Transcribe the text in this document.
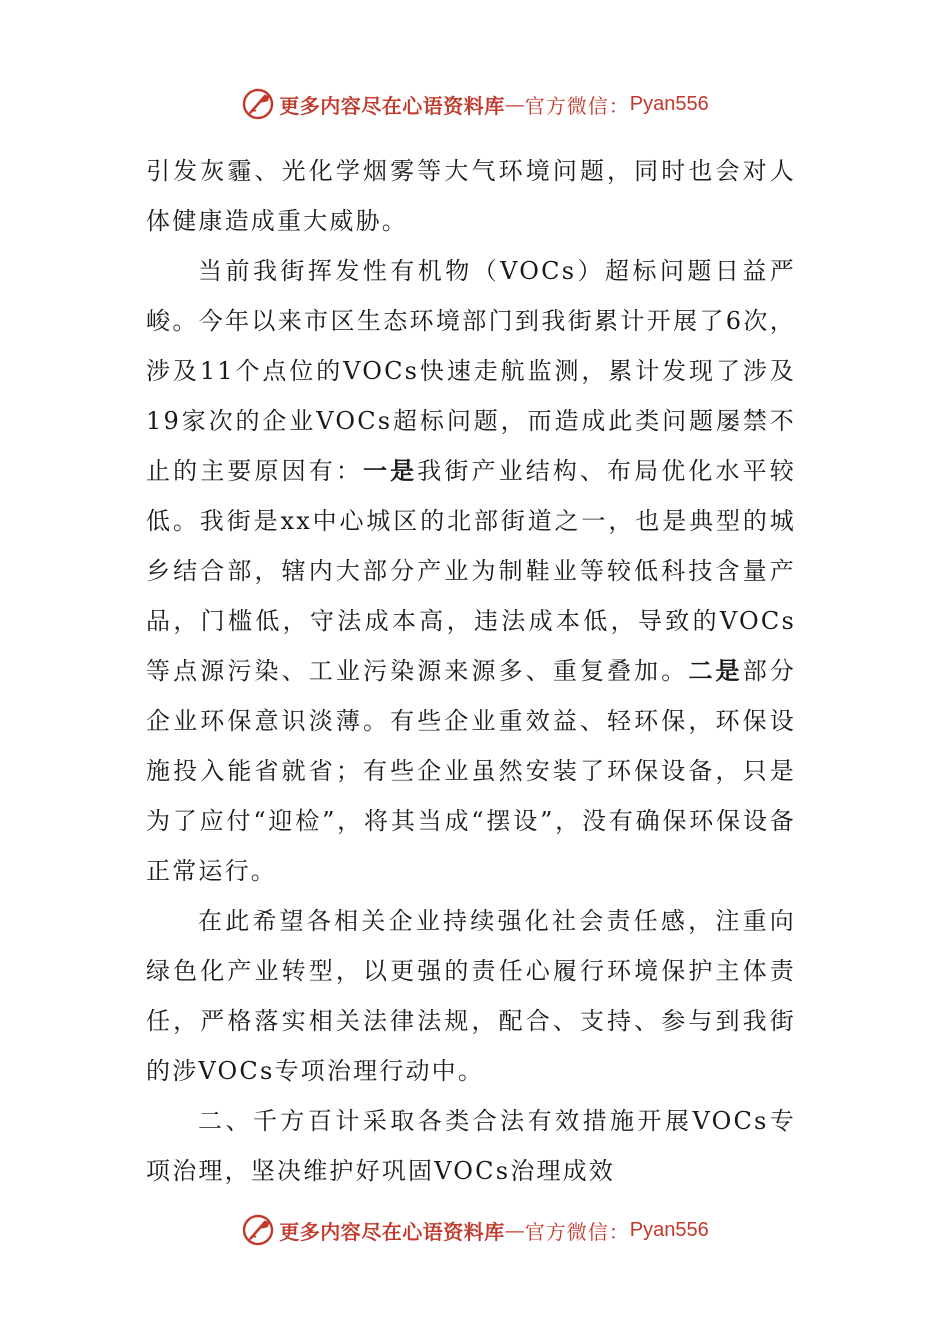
更多内容尽在心语资料库 — 官方微信： Pyan556

引发灰霾、光化学烟雾等大气环境问题，同时也会对人体健康造成重大威胁。

当前我街挥发性有机物（VOCs）超标问题日益严峻。今年以来市区生态环境部门到我街累计开展了6次，涉及11个点位的VOCs快速走航监测，累计发现了涉及19家次的企业VOCs超标问题，而造成此类问题屡禁不止的主要原因有：一是我街产业结构、布局优化水平较低。我街是xx中心城区的北部街道之一，也是典型的城乡结合部，辖内大部分产业为制鞋业等较低科技含量产品，门槛低，守法成本高，违法成本低，导致的VOCs等点源污染、工业污染源来源多、重复叠加。二是部分企业环保意识淡薄。有些企业重效益、轻环保，环保设施投入能省就省；有些企业虽然安装了环保设备，只是为了应付“迎检”，将其当成“摆设”，没有确保环保设备正常运行。

在此希望各相关企业持续强化社会责任感，注重向绿色化产业转型，以更强的责任心履行环境保护主体责任，严格落实相关法律法规，配合、支持、参与到我街的涉VOCs专项治理行动中。

二、千方百计采取各类合法有效措施开展VOCs专项治理，坚决维护好巩固VOCs治理成效

更多内容尽在心语资料库 — 官方微信： Pyan556
